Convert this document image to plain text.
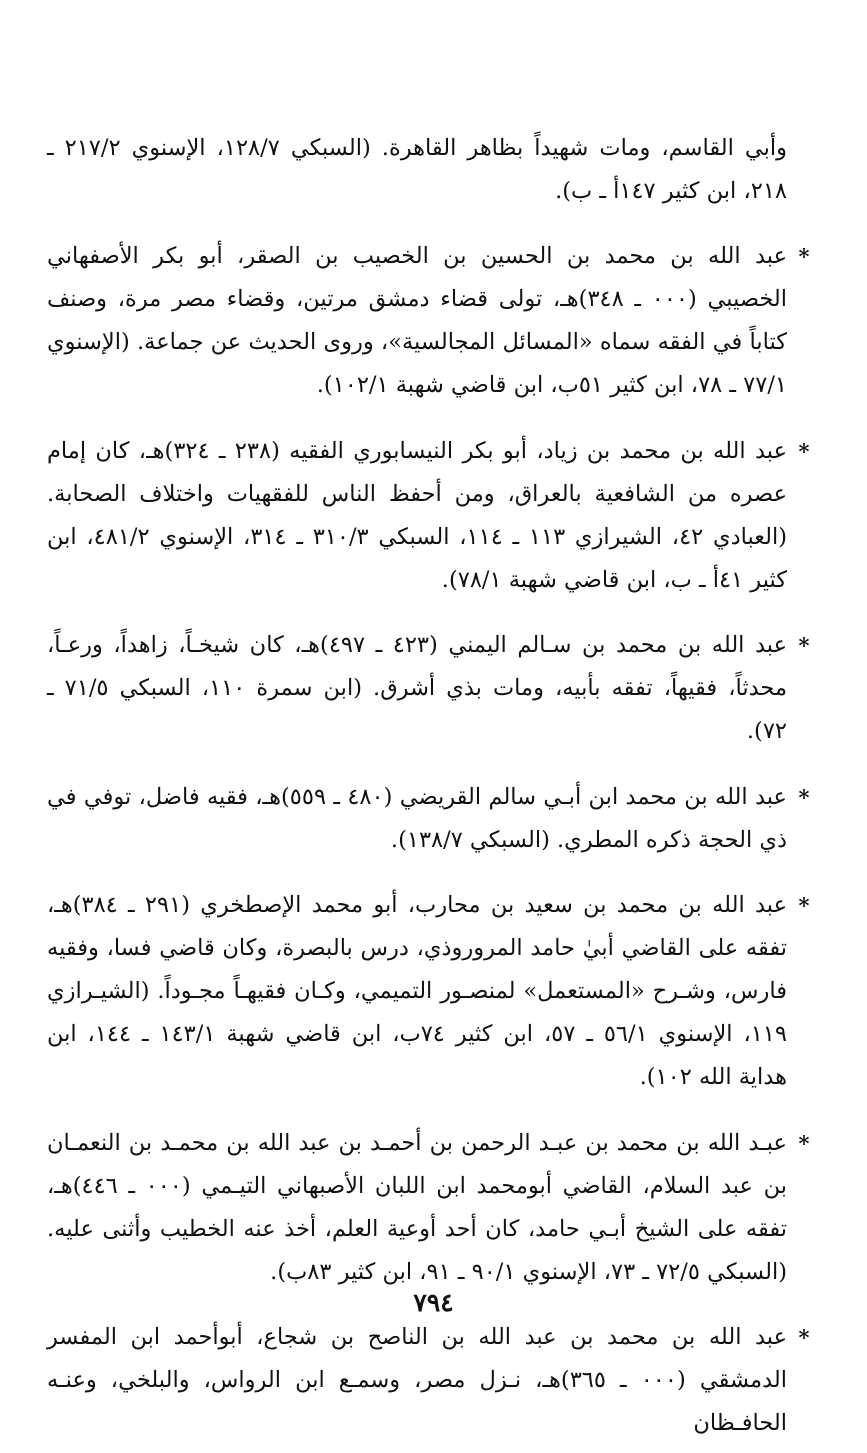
وأبي القاسم، ومات شهيداً بظاهر القاهرة. (السبكي ١٢٨/٧، الإسنوي ٢١٧/٢ ـ ٢١٨، ابن كثير ١٤٧أ ـ ب).

*
عبد الله بن محمد بن الحسين بن الخصيب بن الصقر، أبو بكر الأصفهاني الخصيبي (٠٠٠ ـ ٣٤٨)هـ، تولى قضاء دمشق مرتين، وقضاء مصر مرة، وصنف كتاباً في الفقه سماه «المسائل المجالسية»، وروى الحديث عن جماعة. (الإسنوي ٧٧/١ ـ ٧٨، ابن كثير ٥١ب، ابن قاضي شهبة ١٠٢/١).

*
عبد الله بن محمد بن زياد، أبو بكر النيسابوري الفقيه (٢٣٨ ـ ٣٢٤)هـ، كان إمام عصره من الشافعية بالعراق، ومن أحفظ الناس للفقهيات واختلاف الصحابة. (العبادي ٤٢، الشيرازي ١١٣ ـ ١١٤، السبكي ٣١٠/٣ ـ ٣١٤، الإسنوي ٤٨١/٢، ابن كثير ٤١أ ـ ب، ابن قاضي شهبة ٧٨/١).

*
عبد الله بن محمد بن سـالم اليمني (٤٢٣ ـ ٤٩٧)هـ، كان شيخـاً، زاهداً، ورعـاً، محدثاً، فقيهاً، تفقه بأبيه، ومات بذي أشرق. (ابن سمرة ١١٠، السبكي ٧١/٥ ـ ٧٢).

*
عبد الله بن محمد ابن أبـي سالم القريضي (٤٨٠ ـ ٥٥٩)هـ، فقيه فاضل، توفي في ذي الحجة ذكره المطري. (السبكي ١٣٨/٧).

*
عبد الله بن محمد بن سعيد بن محارب، أبو محمد الإصطخري (٢٩١ ـ ٣٨٤)هـ، تفقه على القاضي أبيٰ حامد المروروذي، درس بالبصرة، وكان قاضي فسا، وفقيه فارس، وشـرح «المستعمل» لمنصـور التميمي، وكـان فقيهـاً مجـوداً. (الشيـرازي ١١٩، الإسنوي ٥٦/١ ـ ٥٧، ابن كثير ٧٤ب، ابن قاضي شهبة ١٤٣/١ ـ ١٤٤، ابن هداية الله ١٠٢).

*
عبـد الله بن محمد بن عبـد الرحمن بن أحمـد بن عبد الله بن محمـد بن النعمـان بن عبد السلام، القاضي أبومحمد ابن اللبان الأصبهاني التيـمي (٠٠٠ ـ ٤٤٦)هـ، تفقه على الشيخ أبـي حامد، كان أحد أوعية العلم، أخذ عنه الخطيب وأثنى عليه. (السبكي ٧٢/٥ ـ ٧٣، الإسنوي ٩٠/١ ـ ٩١، ابن كثير ٨٣ب).

*
عبد الله بن محمد بن عبد الله بن الناصح بن شجاع، أبوأحمد ابن المفسر الدمشقي (٠٠٠ ـ ٣٦٥)هـ، نـزل مصر، وسمـع ابن الرواس، والبلخي، وعنـه الحافـظان

٧٩٤
